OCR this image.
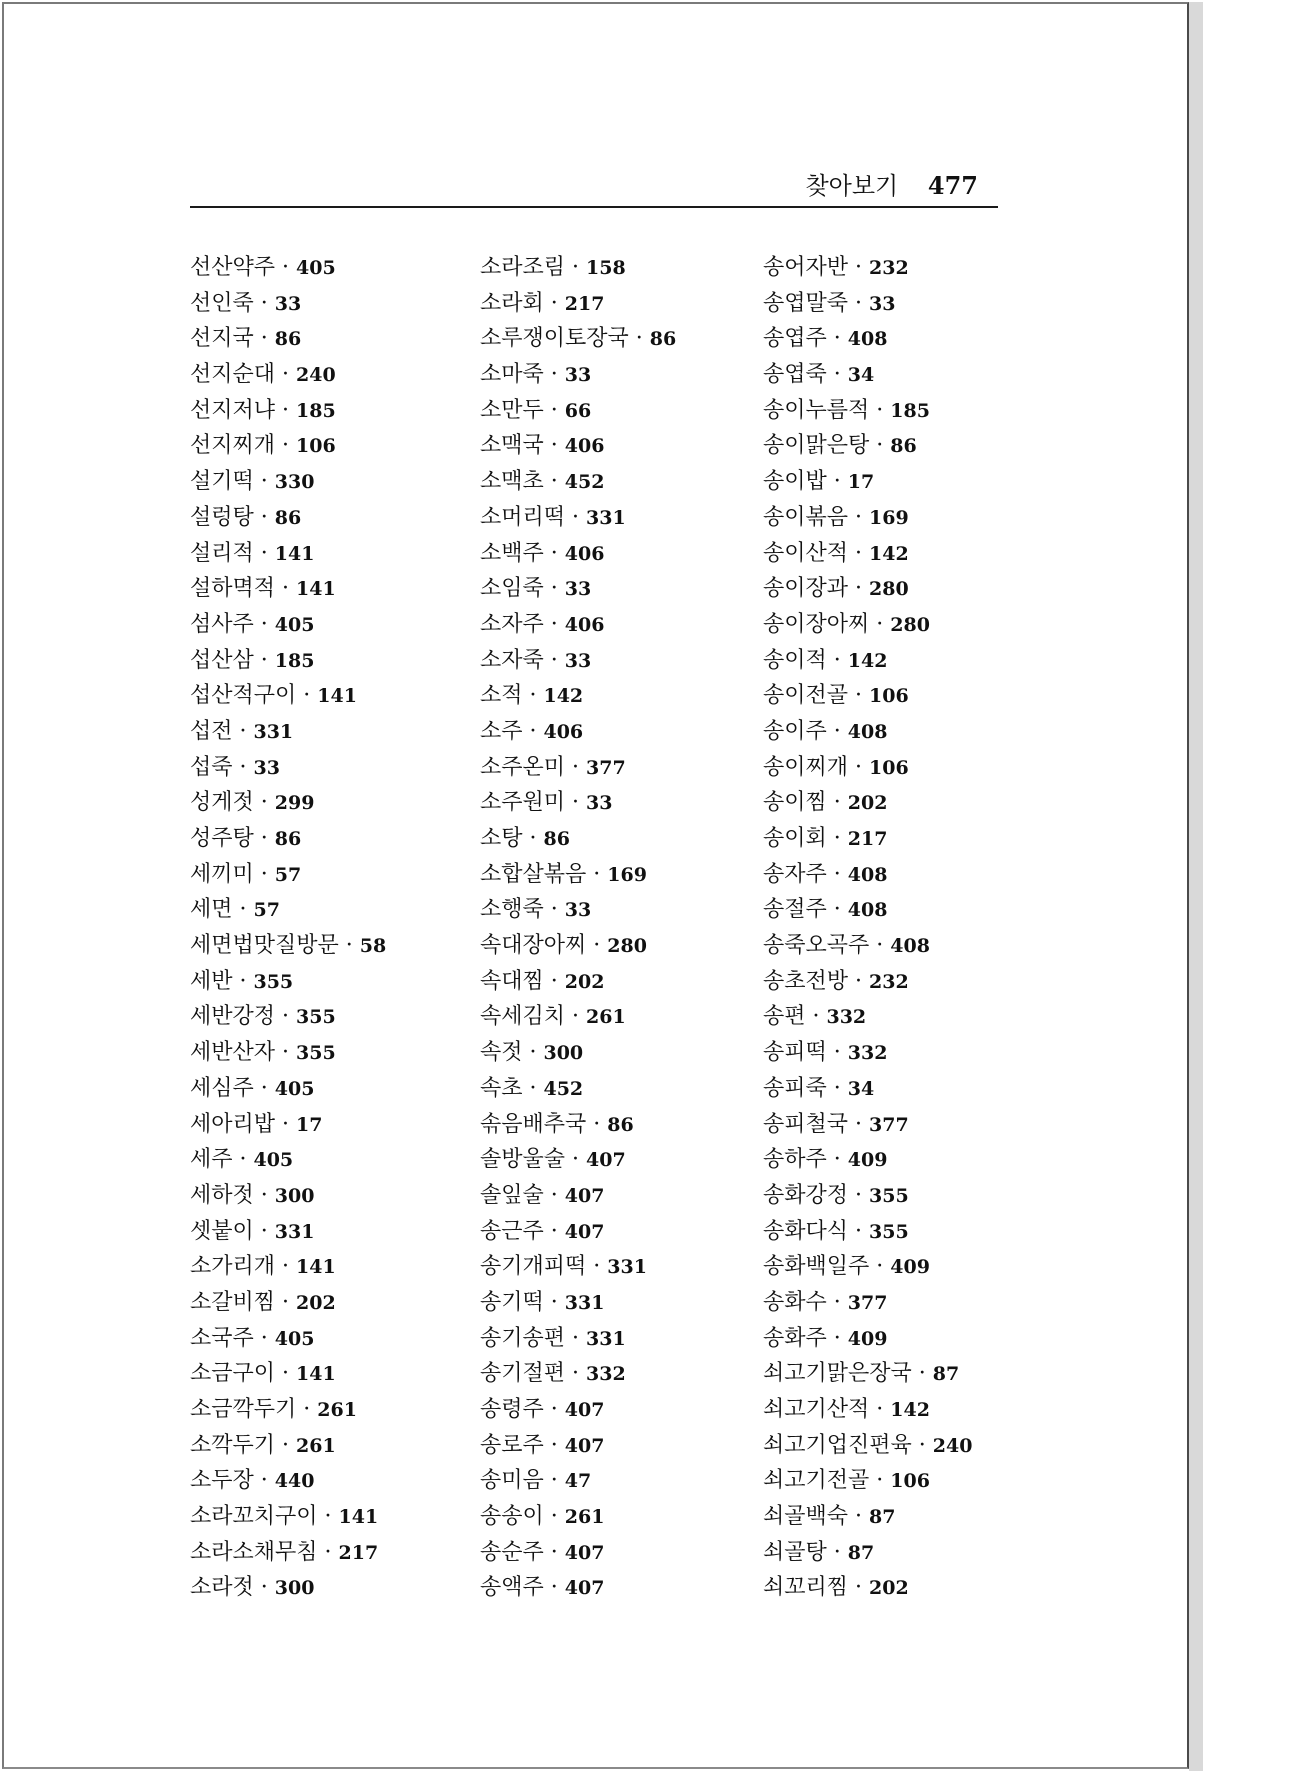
찾아보기 477
선산약주 · 405
선인죽 · 33
선지국 · 86
선지순대 · 240
선지저냐 · 185
선지찌개 · 106
설기떡 · 330
설렁탕 · 86
설리적 · 141
설하멱적 · 141
섬사주 · 405
섭산삼 · 185
섭산적구이 · 141
섭전 · 331
섭죽 · 33
성게젓 · 299
성주탕 · 86
세끼미 · 57
세면 · 57
세면법맛질방문 · 58
세반 · 355
세반강정 · 355
세반산자 · 355
세심주 · 405
세아리밥 · 17
세주 · 405
세하젓 · 300
셋붙이 · 331
소가리개 · 141
소갈비찜 · 202
소국주 · 405
소금구이 · 141
소금깍두기 · 261
소깍두기 · 261
소두장 · 440
소라꼬치구이 · 141
소라소채무침 · 217
소라젓 · 300
소라조림 · 158
소라회 · 217
소루쟁이토장국 · 86
소마죽 · 33
소만두 · 66
소맥국 · 406
소맥초 · 452
소머리떡 · 331
소백주 · 406
소임죽 · 33
소자주 · 406
소자죽 · 33
소적 · 142
소주 · 406
소주온미 · 377
소주원미 · 33
소탕 · 86
소합살볶음 · 169
소행죽 · 33
속대장아찌 · 280
속대찜 · 202
속세김치 · 261
속젓 · 300
속초 · 452
솎음배추국 · 86
솔방울술 · 407
솔잎술 · 407
송근주 · 407
송기개피떡 · 331
송기떡 · 331
송기송편 · 331
송기절편 · 332
송령주 · 407
송로주 · 407
송미음 · 47
송송이 · 261
송순주 · 407
송액주 · 407
송어자반 · 232
송엽말죽 · 33
송엽주 · 408
송엽죽 · 34
송이누름적 · 185
송이맑은탕 · 86
송이밥 · 17
송이볶음 · 169
송이산적 · 142
송이장과 · 280
송이장아찌 · 280
송이적 · 142
송이전골 · 106
송이주 · 408
송이찌개 · 106
송이찜 · 202
송이회 · 217
송자주 · 408
송절주 · 408
송죽오곡주 · 408
송초전방 · 232
송편 · 332
송피떡 · 332
송피죽 · 34
송피철국 · 377
송하주 · 409
송화강정 · 355
송화다식 · 355
송화백일주 · 409
송화수 · 377
송화주 · 409
쇠고기맑은장국 · 87
쇠고기산적 · 142
쇠고기업진편육 · 240
쇠고기전골 · 106
쇠골백숙 · 87
쇠골탕 · 87
쇠꼬리찜 · 202
